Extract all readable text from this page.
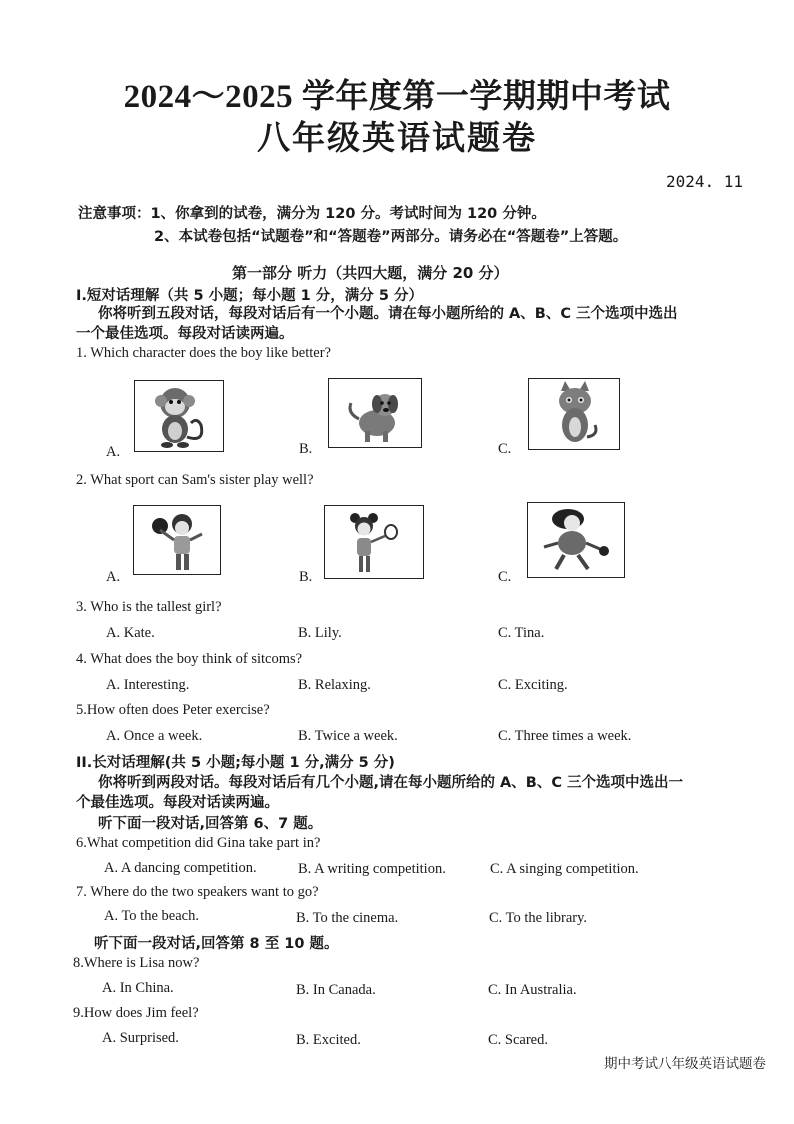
2024～2025 学年度第一学期期中考试
八年级英语试题卷
2024. 11
注意事项：1、你拿到的试卷，满分为 120 分。考试时间为 120 分钟。
2、本试卷包括“试题卷”和“答题卷”两部分。请务必在“答题卷”上答题。
第一部分 听力（共四大题，满分 20 分）
I.短对话理解（共 5 小题；每小题 1 分，满分 5 分）
你将听到五段对话，每段对话后有一个小题。请在每小题所给的 A、B、C 三个选项中选出
一个最佳选项。每段对话读两遍。
1. Which character does the boy like better?
A.	B.	C.
2. What sport can Sam's sister play well?
A.	B.	C.
3. Who is the tallest girl?
A. Kate.	B. Lily.	C. Tina.
4. What does the boy think of sitcoms?
A. Interesting.	B. Relaxing.	C. Exciting.
5.How often does Peter exercise?
A. Once a week.	B. Twice a week.	C. Three times a week.
II.长对话理解(共 5 小题;每小题 1 分,满分 5 分)
你将听到两段对话。每段对话后有几个小题,请在每小题所给的 A、B、C 三个选项中选出一
个最佳选项。每段对话读两遍。
听下面一段对话,回答第 6、7 题。
6.What competition did Gina take part in?
A. A dancing competition.	B. A writing competition.	C. A singing competition.
7. Where do the two speakers want to go?
A. To the beach.	B. To the cinema.	C. To the library.
听下面一段对话,回答第 8 至 10 题。
8.Where is Lisa now?
A. In China.	B. In Canada.	C. In Australia.
9.How does Jim feel?
A. Surprised.	B. Excited.	C. Scared.
期中考试八年级英语试题卷
